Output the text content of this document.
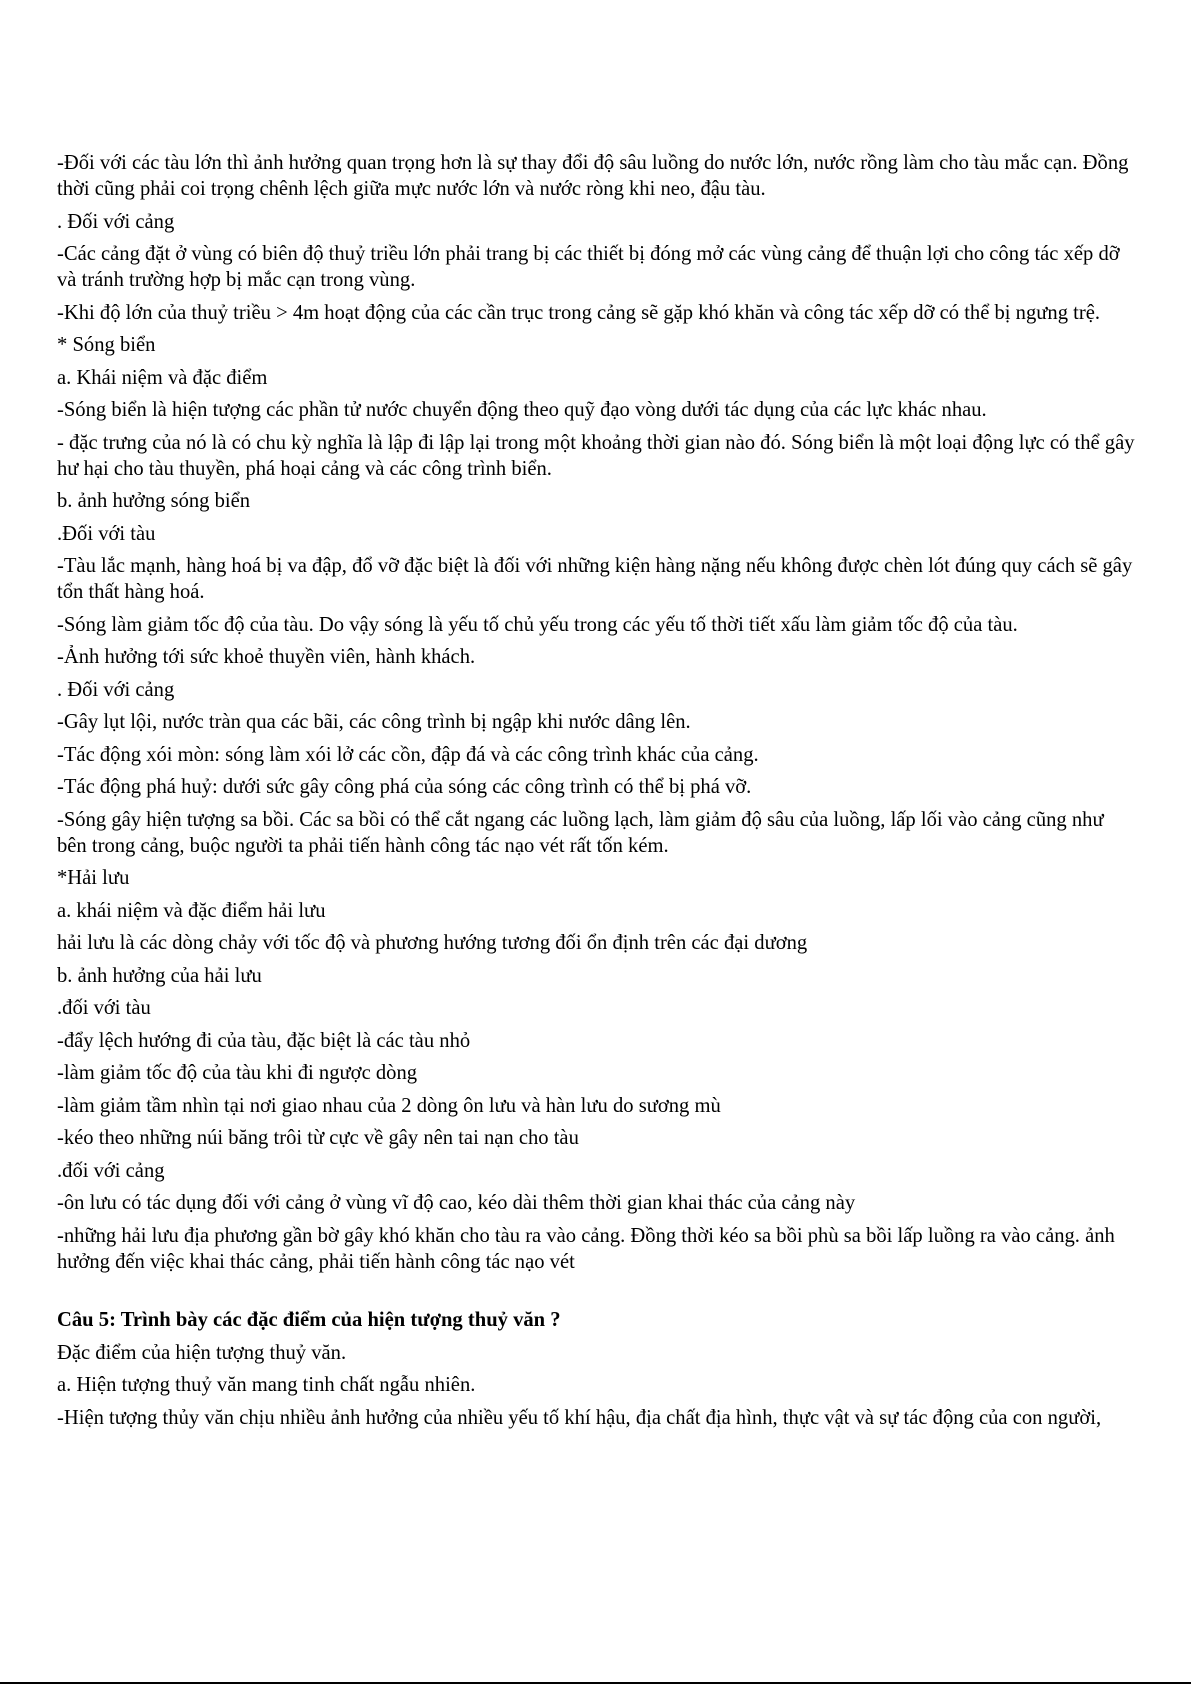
-Đối với các tàu lớn thì ảnh hưởng quan trọng hơn là sự thay đổi độ sâu luồng do nước lớn, nước rồng làm cho tàu mắc cạn. Đồng thời cũng phải coi trọng chênh lệch giữa mực nước lớn và nước ròng khi neo, đậu tàu.

. Đối với cảng

-Các cảng đặt ở vùng có biên độ thuỷ triều lớn phải trang bị các thiết bị đóng mở các vùng cảng để thuận lợi cho công tác xếp dỡ và tránh trường hợp bị mắc cạn trong vùng.

-Khi độ lớn của thuỷ triều > 4m hoạt động của các cần trục trong cảng sẽ gặp khó khăn và công tác xếp dỡ có thể bị ngưng trệ.

* Sóng biển

a. Khái niệm và đặc điểm

-Sóng biển là hiện tượng các phần tử nước chuyển động theo quỹ đạo vòng dưới tác dụng của các lực khác nhau.

- đặc trưng của nó là có chu kỳ nghĩa là lập đi lập lại trong một khoảng thời gian nào đó. Sóng biển là một loại động lực có thể gây hư hại cho tàu thuyền, phá hoại cảng và các công trình biển.

b. ảnh hưởng sóng biển

.Đối với tàu

-Tàu lắc mạnh, hàng hoá bị va đập, đổ vỡ đặc biệt là đối với những kiện hàng nặng nếu không được chèn lót đúng quy cách sẽ gây tổn thất hàng hoá.

-Sóng làm giảm tốc độ của tàu. Do vậy sóng là yếu tố chủ yếu trong các yếu tố thời tiết xấu làm giảm tốc độ của tàu.

-Ảnh hưởng tới sức khoẻ thuyền viên, hành khách.

. Đối với cảng

-Gây lụt lội, nước tràn qua các bãi, các công trình bị ngập khi nước dâng lên.

-Tác động xói mòn: sóng làm xói lở các cồn, đập đá và các công trình khác của cảng.

-Tác động phá huỷ: dưới sức gây công phá của sóng các công trình có thể bị phá vỡ.

-Sóng gây hiện tượng sa bồi. Các sa bồi có thể cắt ngang các luồng lạch, làm giảm độ sâu của luồng, lấp lối vào cảng cũng như bên trong cảng, buộc người ta phải tiến hành công tác nạo vét rất tốn kém.

*Hải lưu

a. khái niệm và đặc điểm hải lưu

hải lưu là các dòng chảy với tốc độ và phương hướng tương đối ổn định trên các đại dương

b. ảnh hưởng của hải lưu

.đối với tàu

-đẩy lệch hướng đi của tàu, đặc biệt là các tàu nhỏ

-làm giảm tốc độ của tàu khi đi ngược dòng

-làm giảm tầm nhìn tại nơi giao nhau của 2 dòng ôn lưu và hàn lưu do sương mù

-kéo theo những núi băng trôi từ cực về gây nên tai nạn cho tàu

.đối với cảng

-ôn lưu có tác dụng đối với cảng ở vùng vĩ độ cao, kéo dài thêm thời gian khai thác của cảng này

-những hải lưu địa phương gần bờ gây khó khăn cho tàu ra vào cảng. Đồng thời kéo sa bồi phù sa bồi lấp luồng ra vào cảng. ảnh hưởng đến việc khai thác cảng, phải tiến hành công tác nạo vét

Câu 5: Trình bày các đặc điểm của hiện tượng thuỷ văn ?

Đặc điểm của hiện tượng thuỷ văn.

a. Hiện tượng thuỷ văn mang tinh chất ngẫu nhiên.

-Hiện tượng thủy văn chịu nhiều ảnh hưởng của nhiều yếu tố khí hậu, địa chất địa hình, thực vật và sự tác động của con người,
